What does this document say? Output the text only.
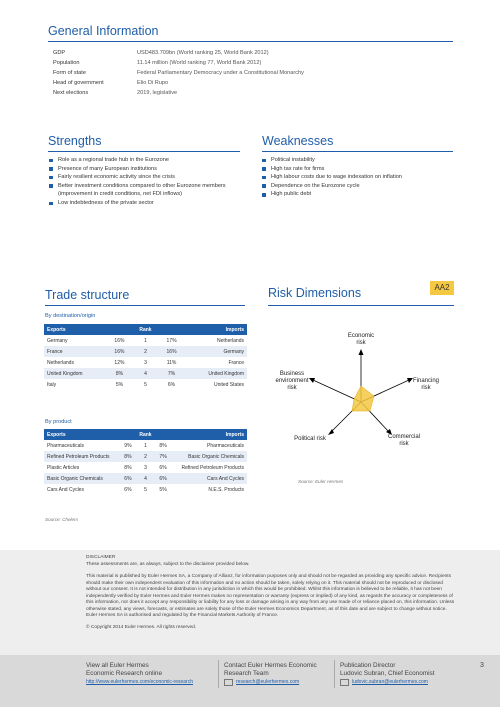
General Information
GDP	USD483.709bn (World ranking 25, World Bank 2012)
Population	11.14 million (World ranking 77, World Bank 2012)
Form of state	Federal Parliamentary Democracy under a Constitutional Monarchy
Head of government	Elio Di Rupo
Next elections	2019, legislative
Strengths
Role as a regional trade hub in the Eurozone
Presence of many European institutions
Fairly resilient economic activity since the crisis
Better investment conditions compared to other Eurozone members (improvement in credit conditions, net FDI inflows)
Low indebtedness of the private sector
Weaknesses
Political instability
High tax rate for firms
High labour costs due to wage indexation on inflation
Dependence on the Eurozone cycle
High public debt
Trade structure
By destination/origin
Exports		Rank	Imports	
Germany	16%	1	17%	Netherlands
France	16%	2	16%	Germany
Netherlands	12%	3	11%	France
United Kingdom	8%	4	7%	United Kingdom
Italy	5%	5	6%	United States
By product
Exports		Rank	Imports	
Pharmaceuticals	9%	1	8%	Pharmaceuticals
Refined Petroleum Products	8%	2	7%	Basic Organic Chemicals
Plastic Articles	8%	3	6%	Refined Petroleum Products
Basic Organic Chemicals	6%	4	6%	Cars And Cycles
Cars And Cycles	6%	5	5%	N.E.S. Products
Source: Chelem
Risk Dimensions	AA2
Economic risk
Financing risk
Commercial risk
Political risk
Business environment risk
Source: Euler Hermes
DISCLAIMER
These assessments are, as always, subject to the disclaimer provided below.
This material is published by Euler Hermes SA, a Company of Allianz, for information purposes only and should not be regarded as providing any specific advice. Recipients should make their own independent evaluation of this information and no action should be taken, solely relying on it. This material should not be reproduced or disclosed without our consent. It is not intended for distribution in any jurisdiction in which this would be prohibited. Whilst this information is believed to be reliable, it has not been independently verified by Euler Hermes and Euler Hermes makes no representation or warranty (express or implied) of any kind, as regards the accuracy or completeness of this information, nor does it accept any responsibility or liability for any loss or damage arising in any way from any use made of or reliance placed on, this information. Unless otherwise stated, any views, forecasts, or estimates are solely those of the Euler Hermes Economics Department, as of this date and are subject to change without notice. Euler Hermes SA is authorised and regulated by the Financial Markets Authority of France.
© Copyright 2014 Euler Hermes. All rights reserved.
View all Euler Hermes
Economic Research online
http://www.eulerhermes.com/economic-research
Contact Euler Hermes Economic
Research Team
research@eulerhermes.com
Publication Director
Ludovic Subran, Chief Economist
ludovic.subran@eulerhermes.com
3
